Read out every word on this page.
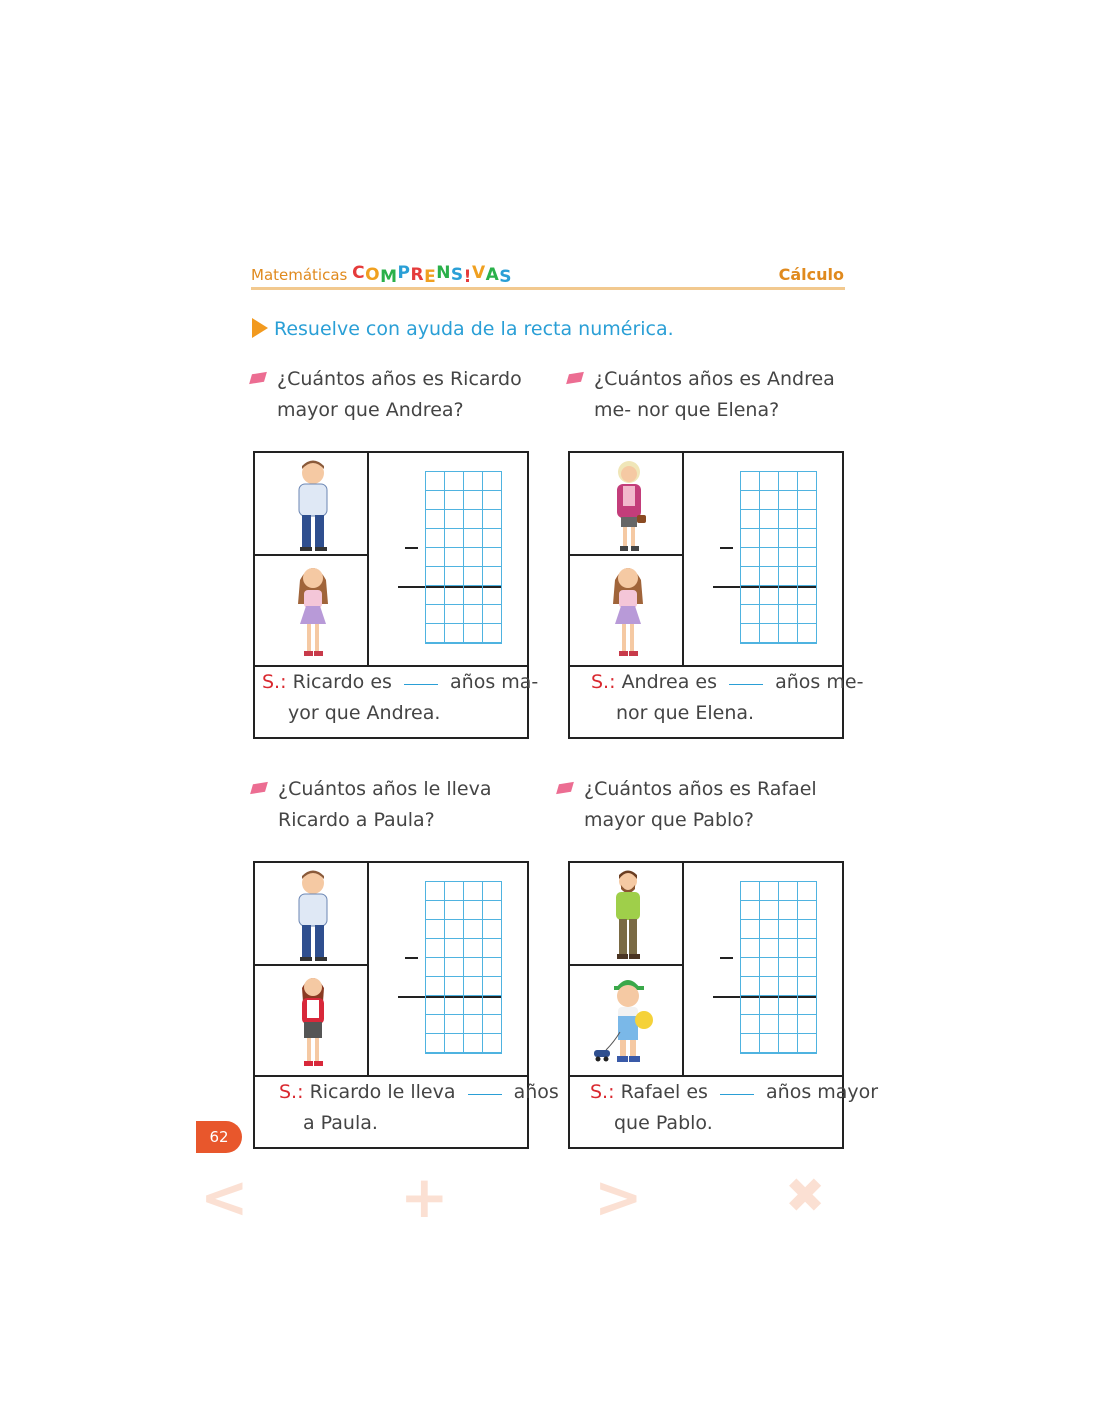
Matemáticas COMPRENS!VAS	Cálculo
Resuelve con ayuda de la recta numérica.
¿Cuántos años es Ricardo mayor que Andrea?
S.: Ricardo es	años ma-
yor que Andrea.
¿Cuántos años es Andrea me- nor que Elena?
S.: Andrea es	años me-
nor que Elena.
¿Cuántos años le lleva Ricardo a Paula?
S.: Ricardo le lleva	años
a Paula.
¿Cuántos años es Rafael mayor que Pablo?
S.: Rafael es	años mayor
que Pablo.
62
<	+	>	✖
